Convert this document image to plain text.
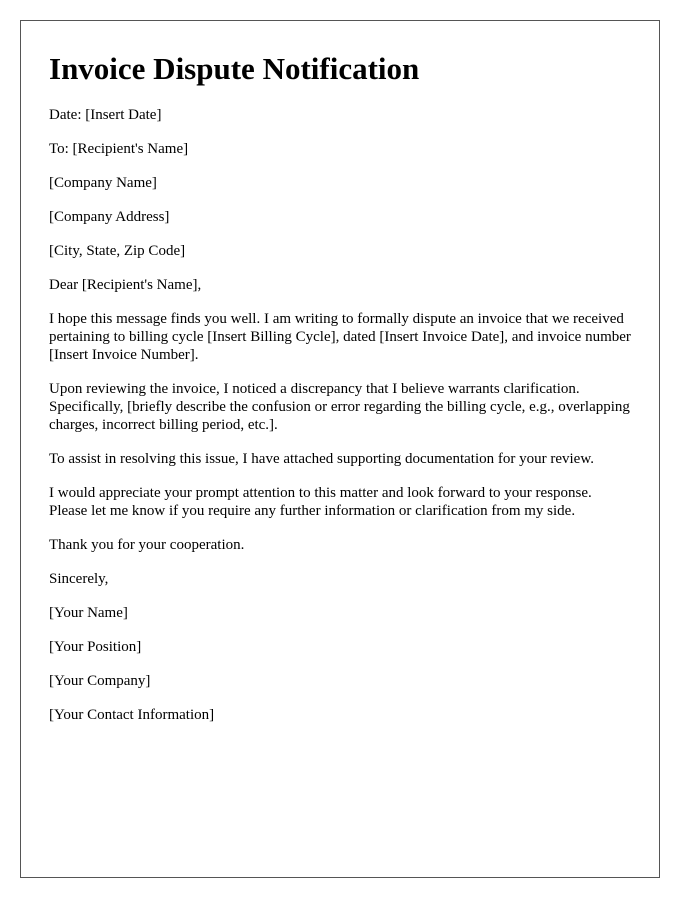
Invoice Dispute Notification

Date: [Insert Date]

To: [Recipient's Name]

[Company Name]

[Company Address]

[City, State, Zip Code]

Dear [Recipient's Name],

I hope this message finds you well. I am writing to formally dispute an invoice that we received pertaining to billing cycle [Insert Billing Cycle], dated [Insert Invoice Date], and invoice number [Insert Invoice Number].

Upon reviewing the invoice, I noticed a discrepancy that I believe warrants clarification. Specifically, [briefly describe the confusion or error regarding the billing cycle, e.g., overlapping charges, incorrect billing period, etc.].

To assist in resolving this issue, I have attached supporting documentation for your review.

I would appreciate your prompt attention to this matter and look forward to your response. Please let me know if you require any further information or clarification from my side.

Thank you for your cooperation.

Sincerely,

[Your Name]

[Your Position]

[Your Company]

[Your Contact Information]
